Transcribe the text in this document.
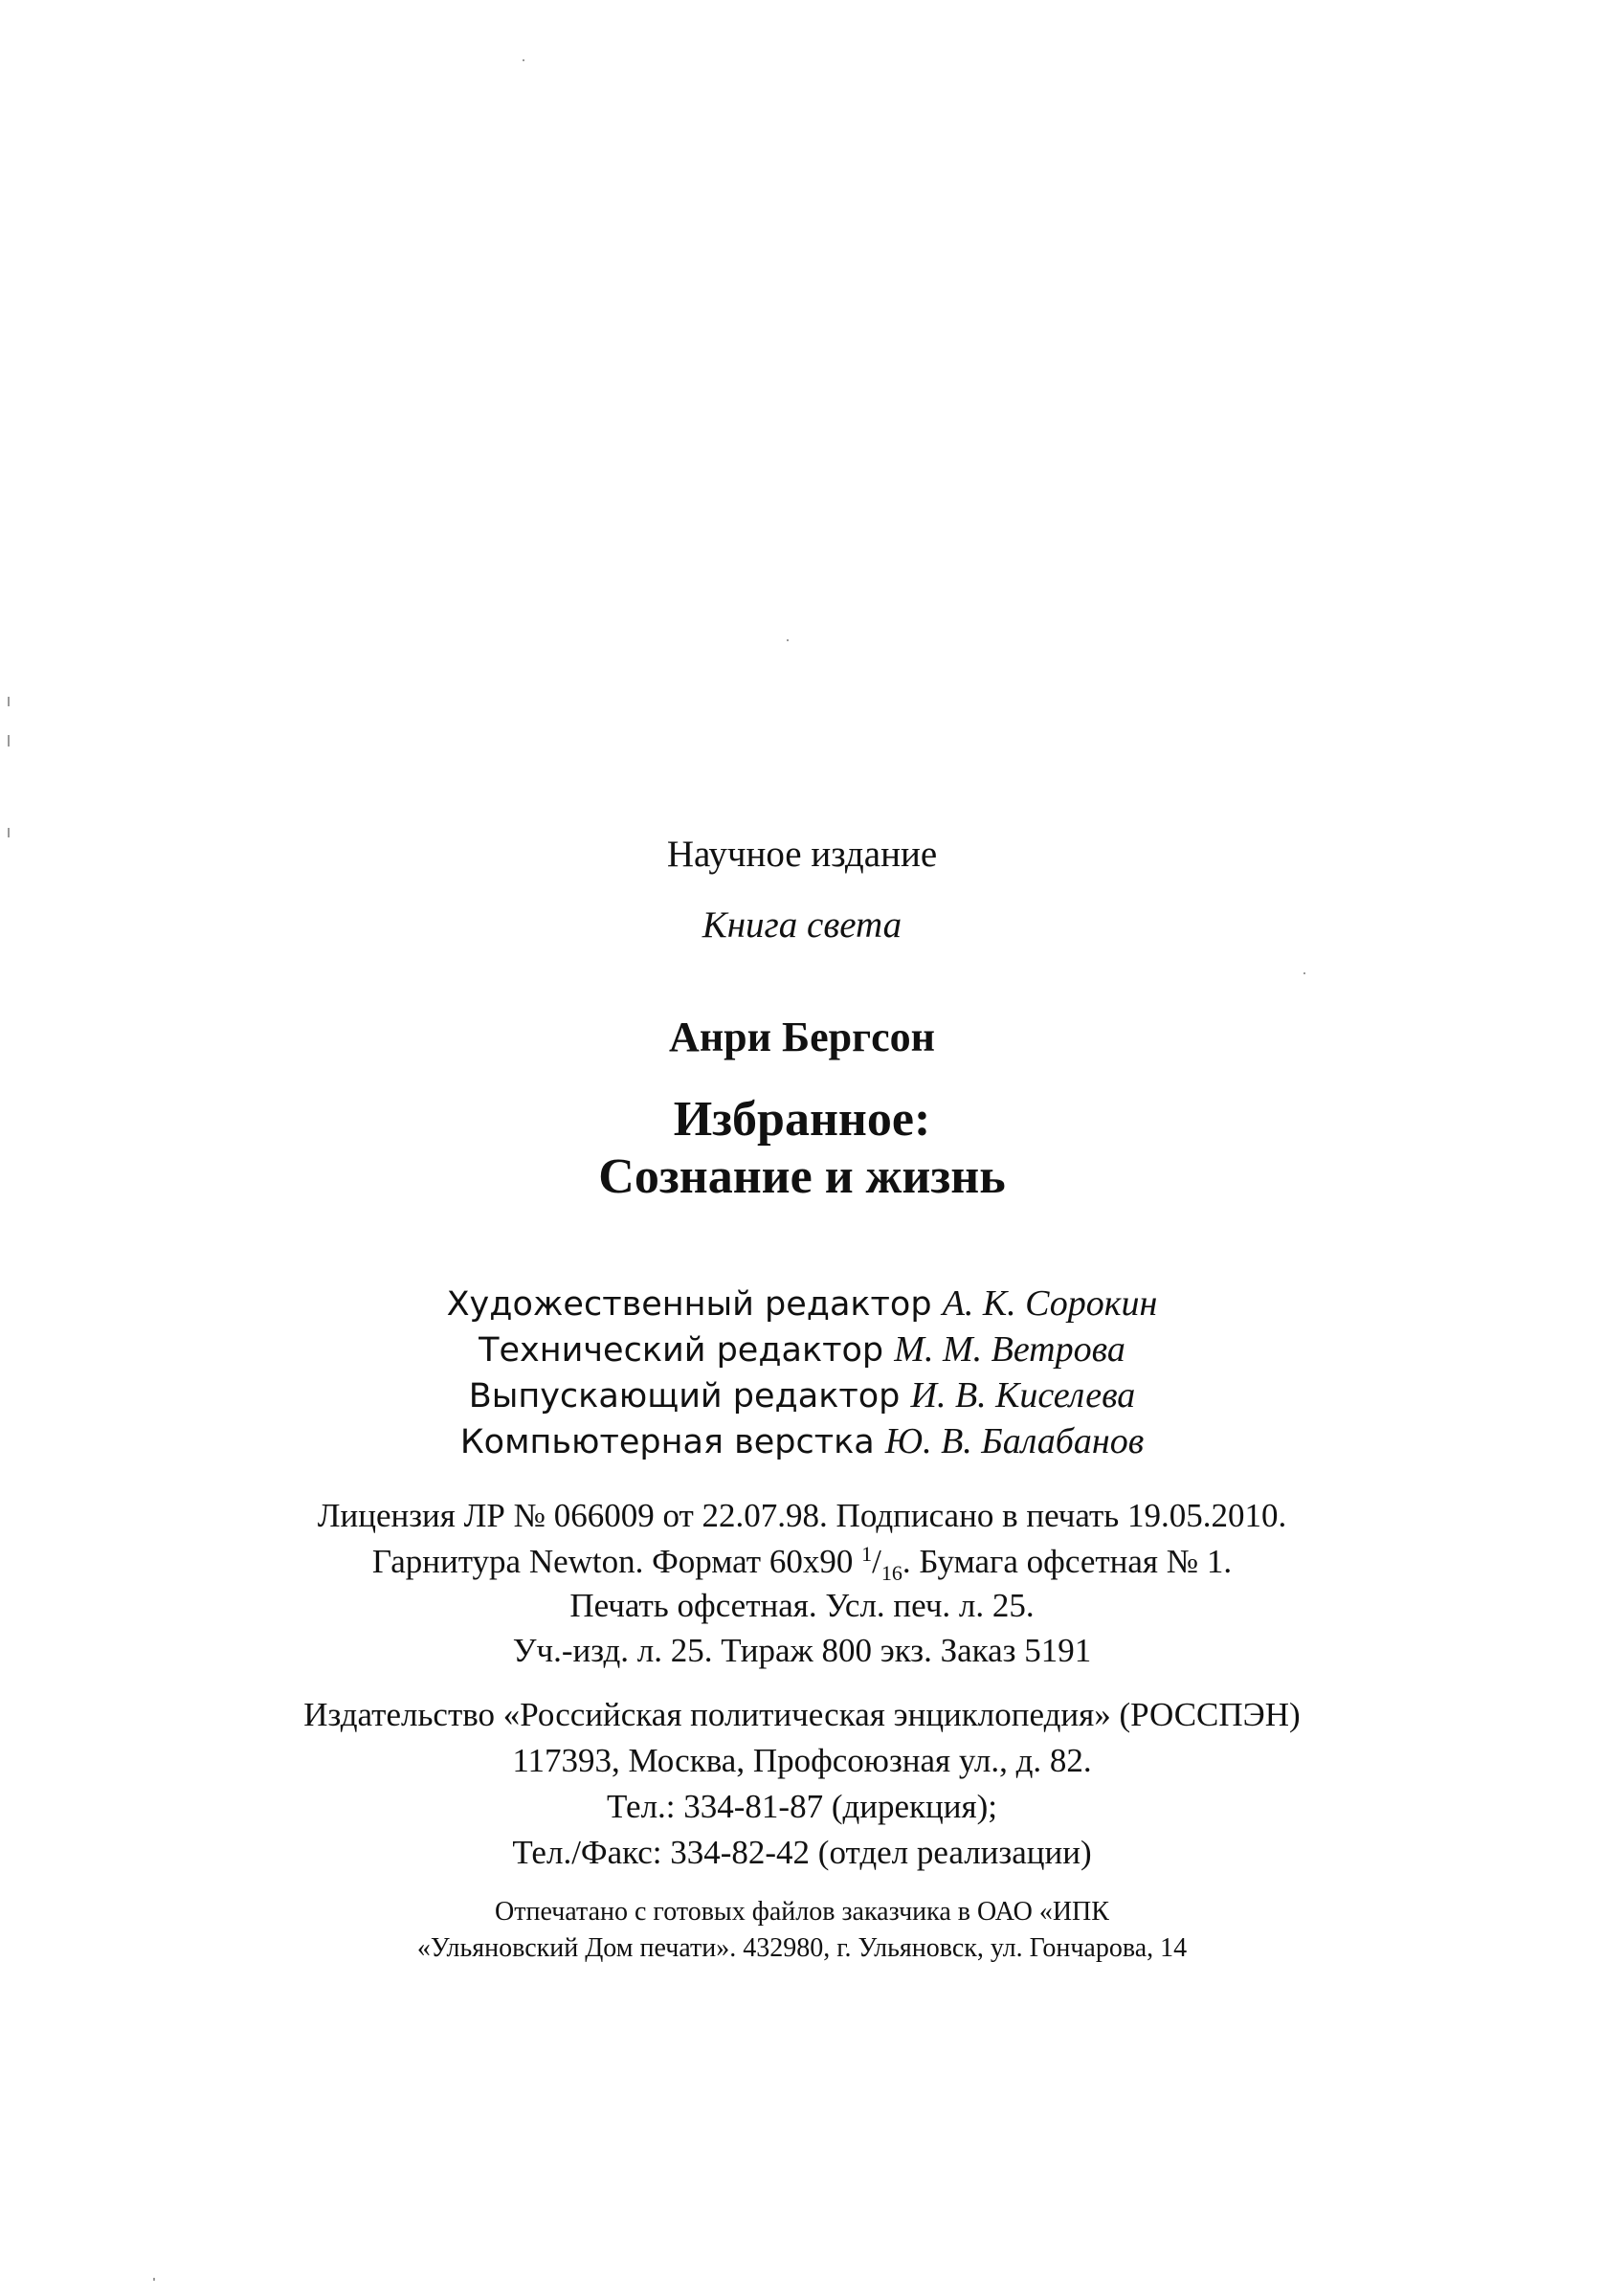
Научное издание
Книга света
Анри Бергсон
Избранное:
Сознание и жизнь
Художественный редактор А. К. Сорокин
Технический редактор М. М. Ветрова
Выпускающий редактор И. В. Киселева
Компьютерная верстка Ю. В. Балабанов
Лицензия ЛР № 066009 от 22.07.98. Подписано в печать 19.05.2010.
Гарнитура Newton. Формат 60x90 $^1/_{16}$. Бумага офсетная № 1.
Печать офсетная. Усл. печ. л. 25.
Уч.-изд. л. 25. Тираж 800 экз. Заказ 5191
Издательство «Российская политическая энциклопедия» (РОССПЭН)
117393, Москва, Профсоюзная ул., д. 82.
Тел.: 334-81-87 (дирекция);
Тел./Факс: 334-82-42 (отдел реализации)
Отпечатано с готовых файлов заказчика в ОАО «ИПК
«Ульяновский Дом печати». 432980, г. Ульяновск, ул. Гончарова, 14
